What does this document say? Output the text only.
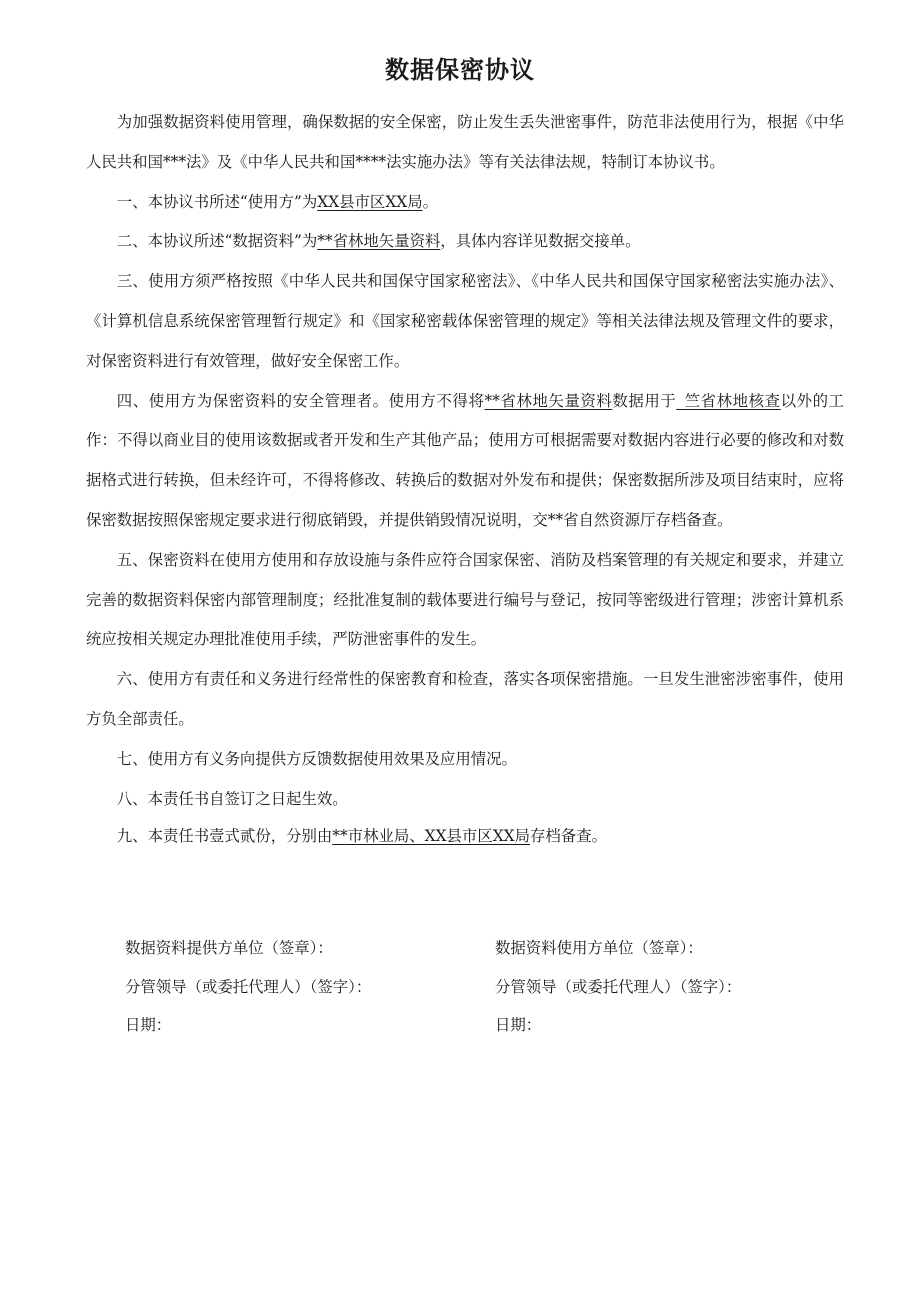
数据保密协议

为加强数据资料使用管理，确保数据的安全保密，防止发生丢失泄密事件，防范非法使用行为，根据《中华人民共和国***法》及《中华人民共和国****法实施办法》等有关法律法规，特制订本协议书。

一、本协议书所述“使用方”为XX县市区XX局。

二、本协议所述“数据资料”为**省林地矢量资料，具体内容详见数据交接单。

三、使用方须严格按照《中华人民共和国保守国家秘密法》、《中华人民共和国保守国家秘密法实施办法》、《计算机信息系统保密管理暂行规定》和《国家秘密载体保密管理的规定》等相关法律法规及管理文件的要求，对保密资料进行有效管理，做好安全保密工作。

四、使用方为保密资料的安全管理者。使用方不得将**省林地矢量资料数据用于_竺省林地核查以外的工作：不得以商业目的使用该数据或者开发和生产其他产品；使用方可根据需要对数据内容进行必要的修改和对数据格式进行转换，但未经许可，不得将修改、转换后的数据对外发布和提供；保密数据所涉及项目结束时，应将保密数据按照保密规定要求进行彻底销毁，并提供销毁情况说明，交**省自然资源厅存档备查。

五、保密资料在使用方使用和存放设施与条件应符合国家保密、消防及档案管理的有关规定和要求，并建立完善的数据资料保密内部管理制度；经批准复制的载体要进行编号与登记，按同等密级进行管理；涉密计算机系统应按相关规定办理批准使用手续，严防泄密事件的发生。

六、使用方有责任和义务进行经常性的保密教育和检查，落实各项保密措施。一旦发生泄密涉密事件，使用方负全部责任。

七、使用方有义务向提供方反馈数据使用效果及应用情况。

八、本责任书自签订之日起生效。

九、本责任书壹式贰份，分别由**市林业局、XX县市区XX局存档备查。

数据资料提供方单位（签章）：	数据资料使用方单位（签章）：
分管领导（或委托代理人）（签字）：	分管领导（或委托代理人）（签字）：
日期：	日期：
